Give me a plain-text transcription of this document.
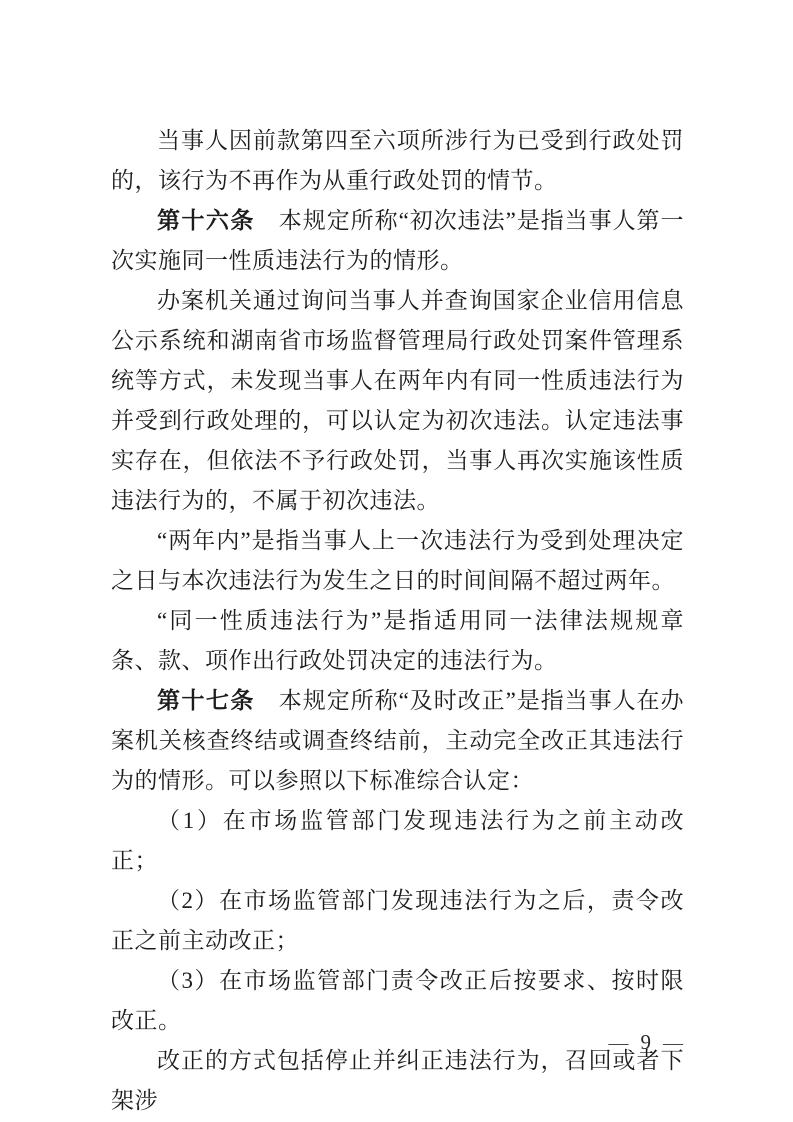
当事人因前款第四至六项所涉行为已受到行政处罚的，该行为不再作为从重行政处罚的情节。

第十六条　本规定所称“初次违法”是指当事人第一次实施同一性质违法行为的情形。

办案机关通过询问当事人并查询国家企业信用信息公示系统和湖南省市场监督管理局行政处罚案件管理系统等方式，未发现当事人在两年内有同一性质违法行为并受到行政处理的，可以认定为初次违法。认定违法事实存在，但依法不予行政处罚，当事人再次实施该性质违法行为的，不属于初次违法。

“两年内”是指当事人上一次违法行为受到处理决定之日与本次违法行为发生之日的时间间隔不超过两年。

“同一性质违法行为”是指适用同一法律法规规章条、款、项作出行政处罚决定的违法行为。

第十七条　本规定所称“及时改正”是指当事人在办案机关核查终结或调查终结前，主动完全改正其违法行为的情形。可以参照以下标准综合认定：

（1）在市场监管部门发现违法行为之前主动改正；

（2）在市场监管部门发现违法行为之后，责令改正之前主动改正；

（3）在市场监管部门责令改正后按要求、按时限改正。

改正的方式包括停止并纠正违法行为，召回或者下架涉

— 9 —
